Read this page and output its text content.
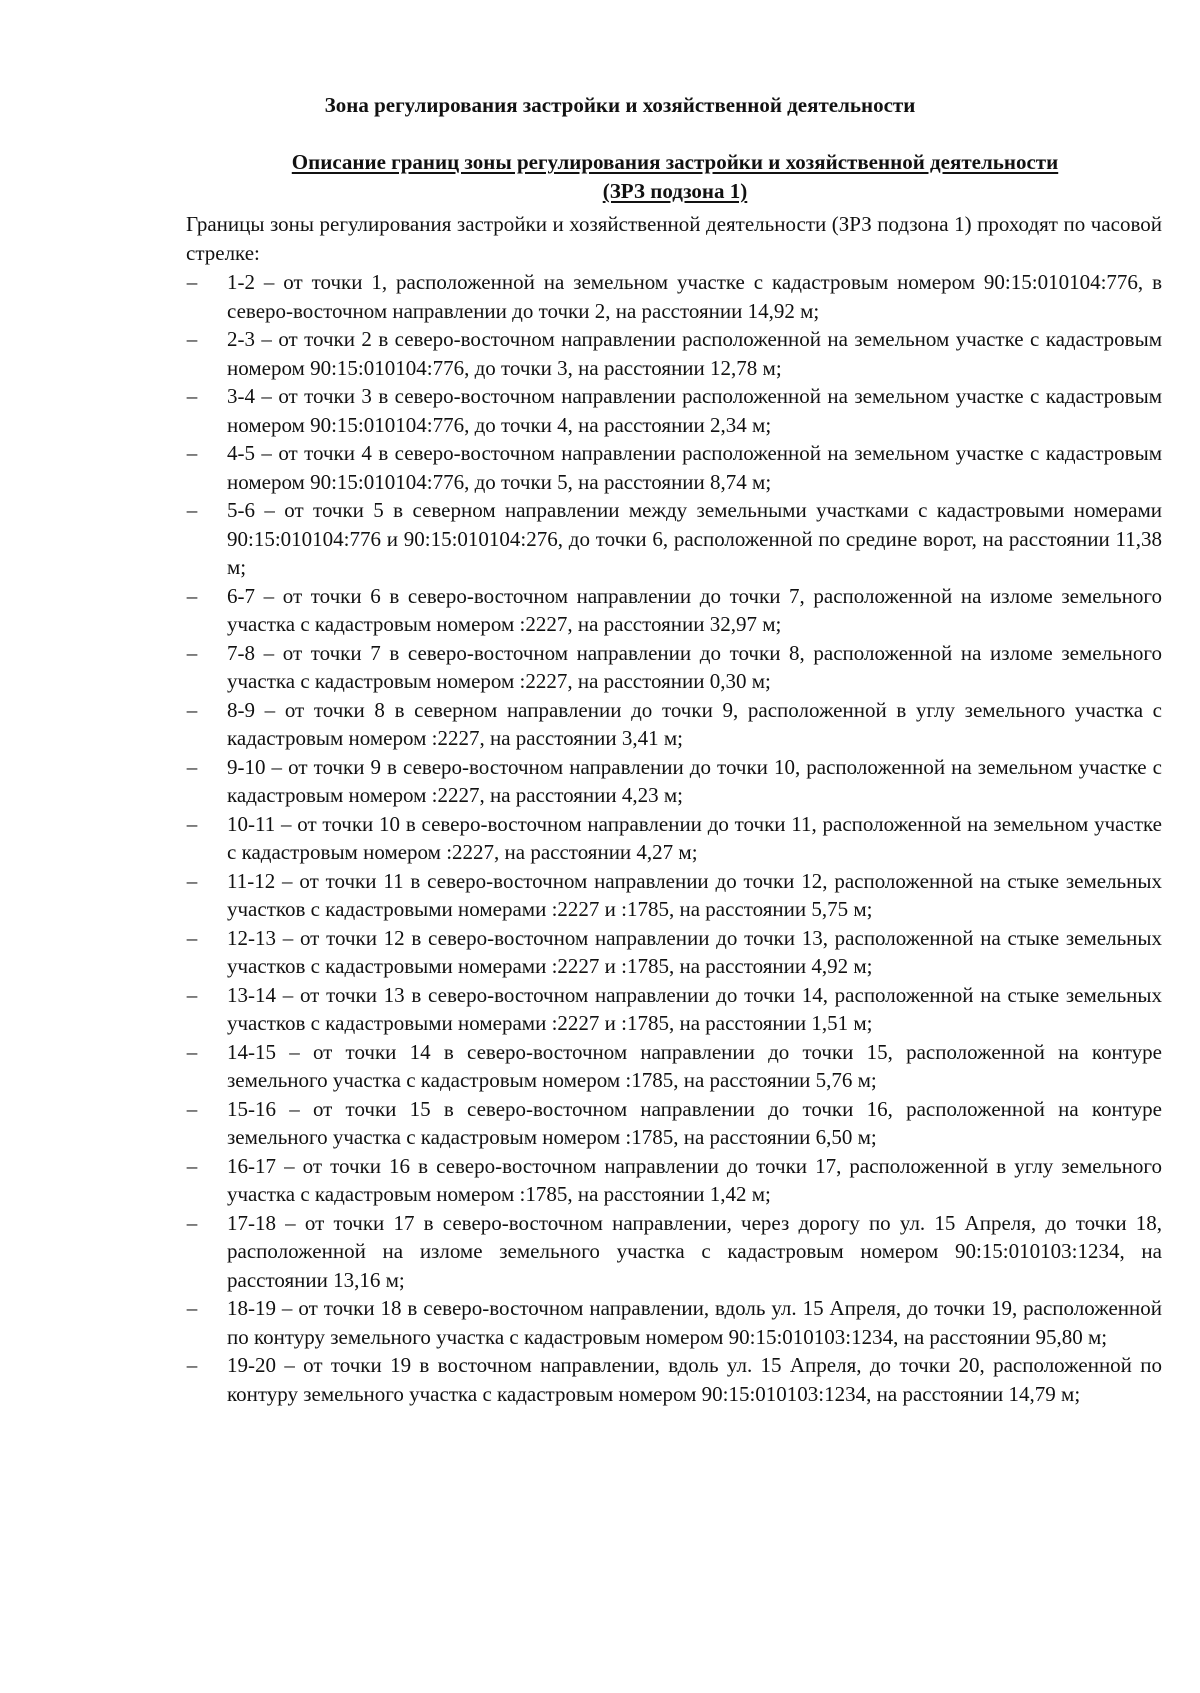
Зона регулирования застройки и хозяйственной деятельности
Описание границ зоны регулирования застройки и хозяйственной деятельности
(ЗРЗ подзона 1)
Границы зоны регулирования застройки и хозяйственной деятельности (ЗРЗ подзона 1) проходят по часовой стрелке:
– 1-2 – от точки 1, расположенной на земельном участке с кадастровым номером 90:15:010104:776, в северо-восточном направлении до точки 2, на расстоянии 14,92 м;
– 2-3 – от точки 2 в северо-восточном направлении расположенной на земельном участке с кадастровым номером 90:15:010104:776, до точки 3, на расстоянии 12,78 м;
– 3-4 – от точки 3 в северо-восточном направлении расположенной на земельном участке с кадастровым номером 90:15:010104:776, до точки 4, на расстоянии 2,34 м;
– 4-5 – от точки 4 в северо-восточном направлении расположенной на земельном участке с кадастровым номером 90:15:010104:776, до точки 5, на расстоянии 8,74 м;
– 5-6 – от точки 5 в северном направлении между земельными участками с кадастровыми номерами 90:15:010104:776 и 90:15:010104:276, до точки 6, расположенной по средине ворот, на расстоянии 11,38 м;
– 6-7 – от точки 6 в северо-восточном направлении до точки 7, расположенной на изломе земельного участка с кадастровым номером :2227, на расстоянии 32,97 м;
– 7-8 – от точки 7 в северо-восточном направлении до точки 8, расположенной на изломе земельного участка с кадастровым номером :2227, на расстоянии 0,30 м;
– 8-9 – от точки 8 в северном направлении до точки 9, расположенной в углу земельного участка с кадастровым номером :2227, на расстоянии 3,41 м;
– 9-10 – от точки 9 в северо-восточном направлении до точки 10, расположенной на земельном участке с кадастровым номером :2227, на расстоянии 4,23 м;
– 10-11 – от точки 10 в северо-восточном направлении до точки 11, расположенной на земельном участке с кадастровым номером :2227, на расстоянии 4,27 м;
– 11-12 – от точки 11 в северо-восточном направлении до точки 12, расположенной на стыке земельных участков с кадастровыми номерами :2227 и :1785, на расстоянии 5,75 м;
– 12-13 – от точки 12 в северо-восточном направлении до точки 13, расположенной на стыке земельных участков с кадастровыми номерами :2227 и :1785, на расстоянии 4,92 м;
– 13-14 – от точки 13 в северо-восточном направлении до точки 14, расположенной на стыке земельных участков с кадастровыми номерами :2227 и :1785, на расстоянии 1,51 м;
– 14-15 – от точки 14 в северо-восточном направлении до точки 15, расположенной на контуре земельного участка с кадастровым номером :1785, на расстоянии 5,76 м;
– 15-16 – от точки 15 в северо-восточном направлении до точки 16, расположенной на контуре земельного участка с кадастровым номером :1785, на расстоянии 6,50 м;
– 16-17 – от точки 16 в северо-восточном направлении до точки 17, расположенной в углу земельного участка с кадастровым номером :1785, на расстоянии 1,42 м;
– 17-18 – от точки 17 в северо-восточном направлении, через дорогу по ул. 15 Апреля, до точки 18, расположенной на изломе земельного участка с кадастровым номером 90:15:010103:1234, на расстоянии 13,16 м;
– 18-19 – от точки 18 в северо-восточном направлении, вдоль ул. 15 Апреля, до точки 19, расположенной по контуру земельного участка с кадастровым номером 90:15:010103:1234, на расстоянии 95,80 м;
– 19-20 – от точки 19 в восточном направлении, вдоль ул. 15 Апреля, до точки 20, расположенной по контуру земельного участка с кадастровым номером 90:15:010103:1234, на расстоянии 14,79 м;
